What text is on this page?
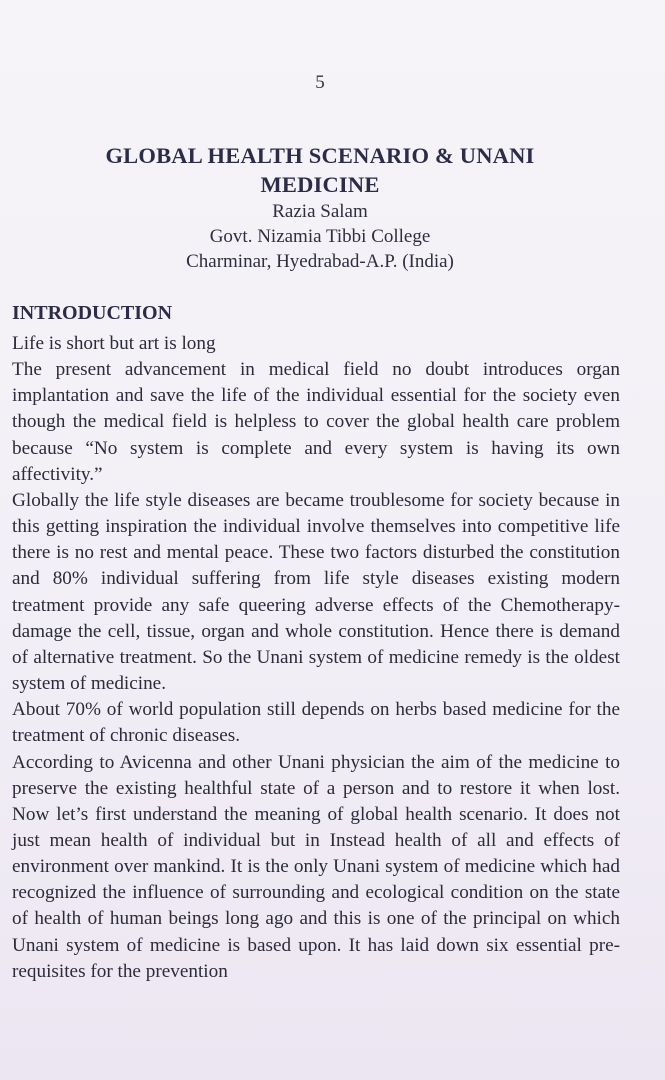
5
GLOBAL HEALTH SCENARIO & UNANI
MEDICINE
Razia Salam
Govt. Nizamia Tibbi College
Charminar, Hyedrabad-A.P. (India)
INTRODUCTION

Life is short but art is long

The present advancement in medical field no doubt introduces organ implantation and save the life of the individual essential for the society even though the medical field is helpless to cover the global health care problem because “No system is complete and every system is having its own affectivity.”

Globally the life style diseases are became troublesome for society because in this getting inspiration the individual involve themselves into competitive life there is no rest and mental peace. These two factors disturbed the constitution and 80% individual suffering from life style diseases existing modern treatment provide any safe queering adverse effects of the Chemotherapy-damage the cell, tissue, organ and whole constitution. Hence there is demand of alternative treatment. So the Unani system of medicine remedy is the oldest system of medicine.

About 70% of world population still depends on herbs based medicine for the treatment of chronic diseases.

According to Avicenna and other Unani physician the aim of the medicine to preserve the existing healthful state of a person and to restore it when lost. Now let’s first understand the meaning of global health scenario. It does not just mean health of individual but in Instead health of all and effects of environment over mankind. It is the only Unani system of medicine which had recognized the influence of surrounding and ecological condition on the state of health of human beings long ago and this is one of the principal on which Unani system of medicine is based upon. It has laid down six essential pre-requisites for the prevention
